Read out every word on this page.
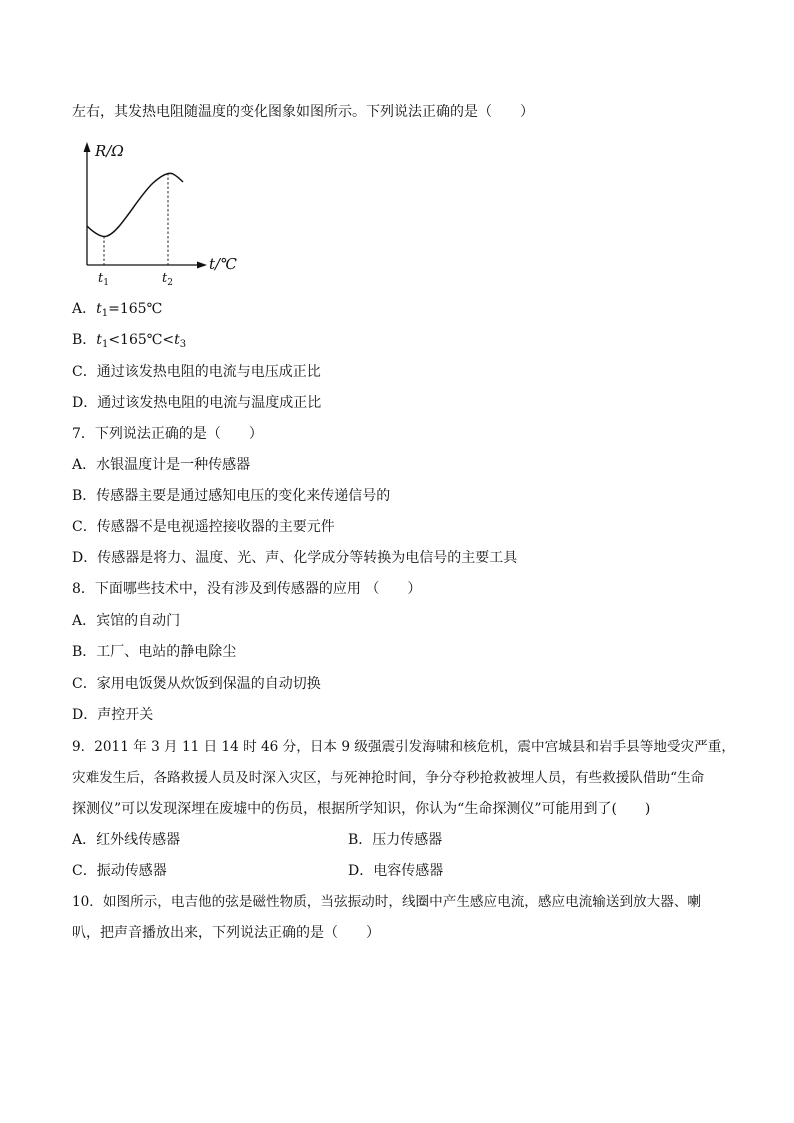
左右，其发热电阻随温度的变化图象如图所示。下列说法正确的是（　　）
R/Ω
t/℃
$t_1$	$t_2$
A．$t_1=165℃$
B．$t_1<165℃<t_3$
C．通过该发热电阻的电流与电压成正比
D．通过该发热电阻的电流与温度成正比
7．下列说法正确的是（　　）
A．水银温度计是一种传感器
B．传感器主要是通过感知电压的变化来传递信号的
C．传感器不是电视遥控接收器的主要元件
D．传感器是将力、温度、光、声、化学成分等转换为电信号的主要工具
8．下面哪些技术中，没有涉及到传感器的应用 （　　）
A．宾馆的自动门
B．工厂、电站的静电除尘
C．家用电饭煲从炊饭到保温的自动切换
D．声控开关
9．2011 年 3 月 11 日 14 时 46 分，日本 9 级强震引发海啸和核危机，震中宫城县和岩手县等地受灾严重，
灾难发生后，各路救援人员及时深入灾区，与死神抢时间，争分夺秒抢救被埋人员，有些救援队借助“生命
探测仪”可以发现深埋在废墟中的伤员，根据所学知识，你认为“生命探测仪”可能用到了(　　)
A．红外线传感器	B．压力传感器
C．振动传感器	D．电容传感器
10．如图所示，电吉他的弦是磁性物质，当弦振动时，线圈中产生感应电流，感应电流输送到放大器、喇
叭，把声音播放出来，下列说法正确的是（　　）
